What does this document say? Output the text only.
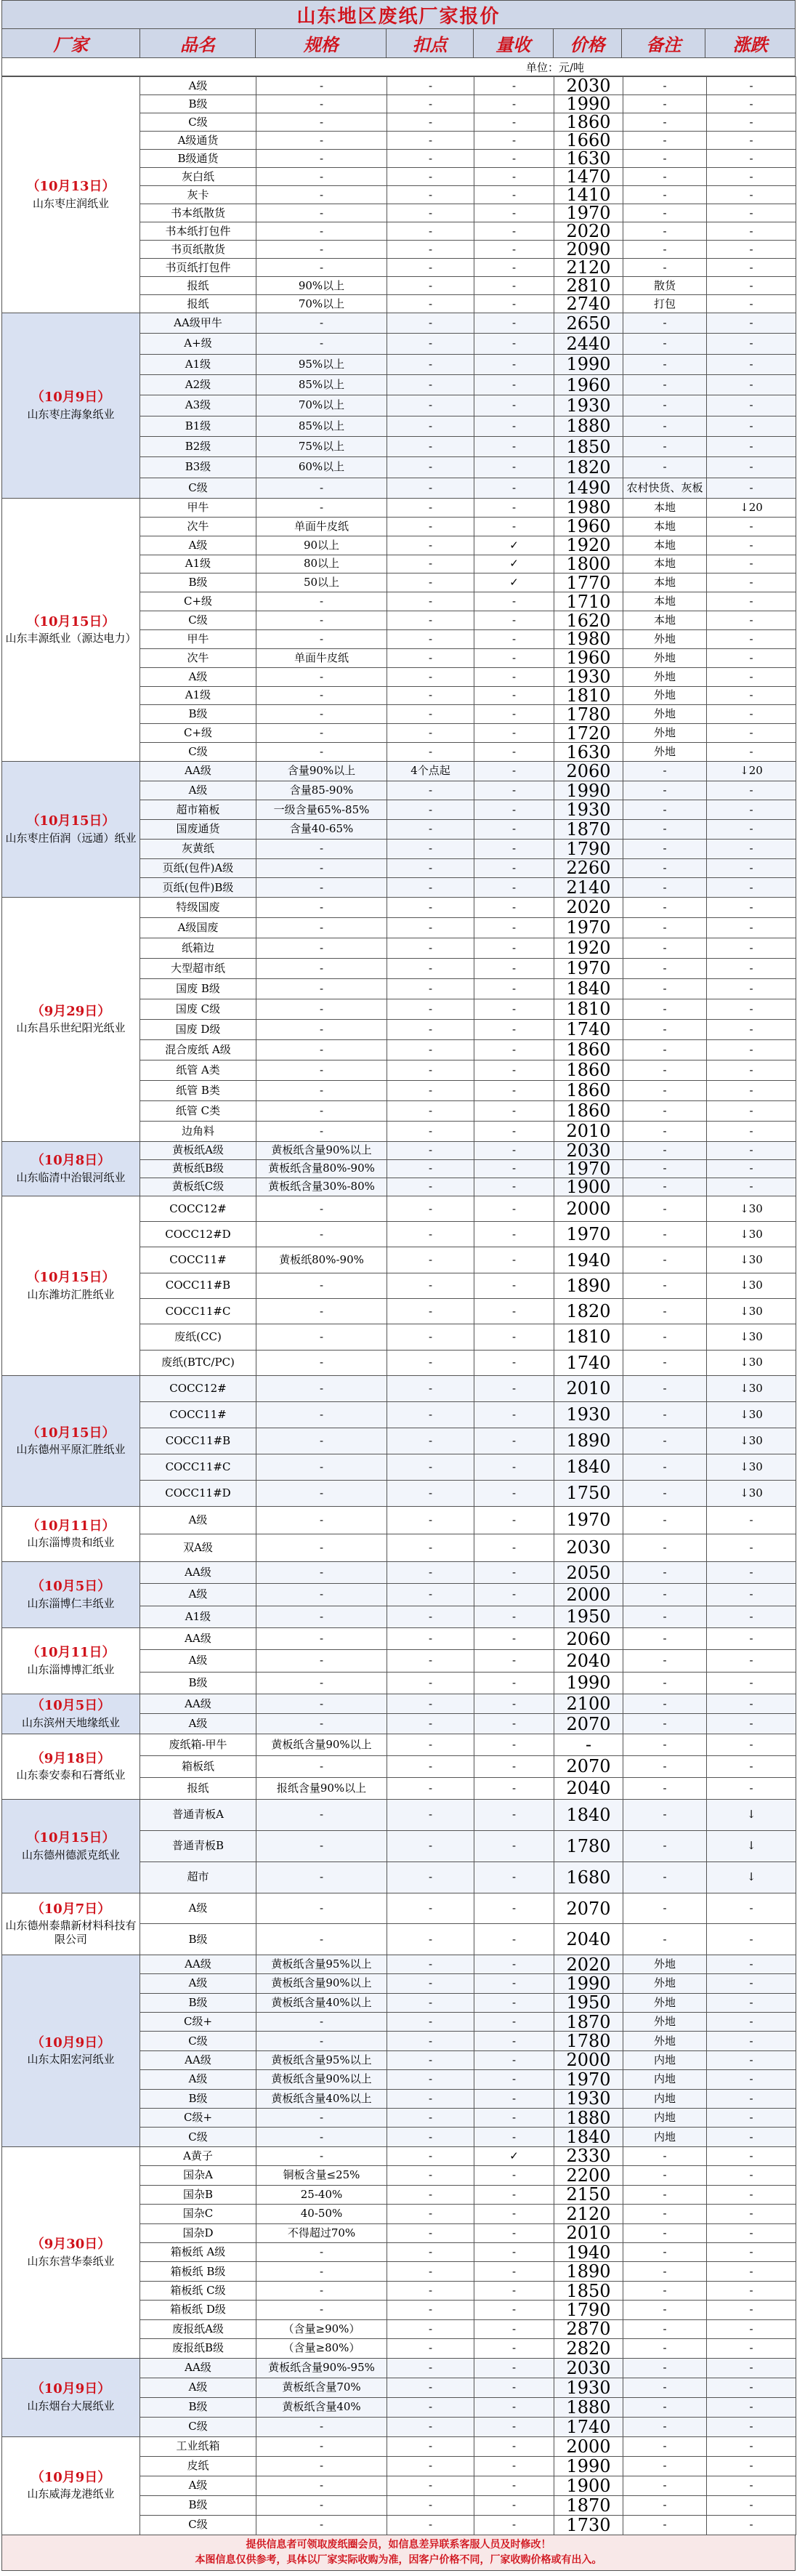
山东地区废纸厂家报价
厂家	品名	规格	扣点	量收	价格	备注	涨跌
单位：元/吨
（10月13日）
山东枣庄润纸业	A级	-	-	-	2030	-	-
	B级	-	-	-	1990	-	-
	C级	-	-	-	1860	-	-
	A级通货	-	-	-	1660	-	-
	B级通货	-	-	-	1630	-	-
	灰白纸	-	-	-	1470	-	-
	灰卡	-	-	-	1410	-	-
	书本纸散货	-	-	-	1970	-	-
	书本纸打包件	-	-	-	2020	-	-
	书页纸散货	-	-	-	2090	-	-
	书页纸打包件	-	-	-	2120	-	-
	报纸	90%以上	-	-	2810	散货	-
	报纸	70%以上	-	-	2740	打包	-

（10月9日）
山东枣庄海象纸业	AA级甲牛	-	-	-	2650	-	-
	A+级	-	-	-	2440	-	-
	A1级	95%以上	-	-	1990	-	-
	A2级	85%以上	-	-	1960	-	-
	A3级	70%以上	-	-	1930	-	-
	B1级	85%以上	-	-	1880	-	-
	B2级	75%以上	-	-	1850	-	-
	B3级	60%以上	-	-	1820	-	-
	C级	-	-	-	1490	农村快货、灰板	-

（10月15日）
山东丰源纸业（源达电力）	甲牛	-	-	-	1980	本地	↓20
	次牛	单面牛皮纸	-	-	1960	本地	-
	A级	90以上	-	✓	1920	本地	-
	A1级	80以上	-	✓	1800	本地	-
	B级	50以上	-	✓	1770	本地	-
	C+级	-	-	-	1710	本地	-
	C级	-	-	-	1620	本地	-
	甲牛	-	-	-	1980	外地	-
	次牛	单面牛皮纸	-	-	1960	外地	-
	A级	-	-	-	1930	外地	-
	A1级	-	-	-	1810	外地	-
	B级	-	-	-	1780	外地	-
	C+级	-	-	-	1720	外地	-
	C级	-	-	-	1630	外地	-

（10月15日）
山东枣庄佰润（远通）纸业	AA级	含量90%以上	4个点起	-	2060	-	↓20
	A级	含量85-90%	-	-	1990	-	-
	超市箱板	一级含量65%-85%	-	-	1930	-	-
	国废通货	含量40-65%	-	-	1870	-	-
	灰黄纸	-	-	-	1790	-	-
	页纸(包件)A级	-	-	-	2260	-	-
	页纸(包件)B级	-	-	-	2140	-	-

（9月29日）
山东昌乐世纪阳光纸业	特级国废	-	-	-	2020	-	-
	A级国废	-	-	-	1970	-	-
	纸箱边	-	-	-	1920	-	-
	大型超市纸	-	-	-	1970	-	-
	国废 B级	-	-	-	1840	-	-
	国废 C级	-	-	-	1810	-	-
	国废 D级	-	-	-	1740	-	-
	混合废纸 A级	-	-	-	1860	-	-
	纸管 A类	-	-	-	1860	-	-
	纸管 B类	-	-	-	1860	-	-
	纸管 C类	-	-	-	1860	-	-
	边角料	-	-	-	2010	-	-

（10月8日）
山东临清中治银河纸业	黄板纸A级	黄板纸含量90%以上	-	-	2030	-	-
	黄板纸B级	黄板纸含量80%-90%	-	-	1970	-	-
	黄板纸C级	黄板纸含量30%-80%	-	-	1900	-	-

（10月15日）
山东潍坊汇胜纸业	COCC12#	-	-	-	2000	-	↓30
	COCC12#D	-	-	-	1970	-	↓30
	COCC11#	黄板纸80%-90%	-	-	1940	-	↓30
	COCC11#B	-	-	-	1890	-	↓30
	COCC11#C	-	-	-	1820	-	↓30
	废纸(CC)	-	-	-	1810	-	↓30
	废纸(BTC/PC)	-	-	-	1740	-	↓30

（10月15日）
山东德州平原汇胜纸业	COCC12#	-	-	-	2010	-	↓30
	COCC11#	-	-	-	1930	-	↓30
	COCC11#B	-	-	-	1890	-	↓30
	COCC11#C	-	-	-	1840	-	↓30
	COCC11#D	-	-	-	1750	-	↓30

（10月11日）
山东淄博贵和纸业	A级	-	-	-	1970	-	-
	双A级	-	-	-	2030	-	-

（10月5日）
山东淄博仁丰纸业	AA级	-	-	-	2050	-	-
	A级	-	-	-	2000	-	-
	A1级	-	-	-	1950	-	-

（10月11日）
山东淄博博汇纸业	AA级	-	-	-	2060	-	-
	A级	-	-	-	2040	-	-
	B级	-	-	-	1990	-	-

（10月5日）
山东滨州天地缘纸业	AA级	-	-	-	2100	-	-
	A级	-	-	-	2070	-	-

（9月18日）
山东泰安泰和石膏纸业	废纸箱-甲牛	黄板纸含量90%以上	-	-	-	-	-
	箱板纸	-	-	-	2070	-	-
	报纸	报纸含量90%以上	-	-	2040	-	-

（10月15日）
山东德州德派克纸业	普通青板A	-	-	-	1840	-	↓
	普通青板B	-	-	-	1780	-	↓
	超市	-	-	-	1680	-	↓

（10月7日）
山东德州泰鼎新材料科技有限公司	A级	-	-	-	2070	-	-
	B级	-	-	-	2040	-	-

（10月9日）
山东太阳宏河纸业	AA级	黄板纸含量95%以上	-	-	2020	外地	-
	A级	黄板纸含量90%以上	-	-	1990	外地	-
	B级	黄板纸含量40%以上	-	-	1950	外地	-
	C级+	-	-	-	1870	外地	-
	C级	-	-	-	1780	外地	-
	AA级	黄板纸含量95%以上	-	-	2000	内地	-
	A级	黄板纸含量90%以上	-	-	1970	内地	-
	B级	黄板纸含量40%以上	-	-	1930	内地	-
	C级+	-	-	-	1880	内地	-
	C级	-	-	-	1840	内地	-

（9月30日）
山东东营华泰纸业	A黄子	-	-	✓	2330	-	-
	国杂A	铜板含量≤25%	-	-	2200	-	-
	国杂B	25-40%	-	-	2150	-	-
	国杂C	40-50%	-	-	2120	-	-
	国杂D	不得超过70%	-	-	2010	-	-
	箱板纸 A级	-	-	-	1940	-	-
	箱板纸 B级	-	-	-	1890	-	-
	箱板纸 C级	-	-	-	1850	-	-
	箱板纸 D级	-	-	-	1790	-	-
	废报纸A级	（含量≥90%）	-	-	2870	-	-
	废报纸B级	（含量≥80%）	-	-	2820	-	-

（10月9日）
山东烟台大展纸业	AA级	黄板纸含量90%-95%	-	-	2030	-	-
	A级	黄板纸含量70%	-	-	1930	-	-
	B级	黄板纸含量40%	-	-	1880	-	-
	C级	-	-	-	1740	-	-

（10月9日）
山东威海龙港纸业	工业纸箱	-	-	-	2000	-	-
	皮纸	-	-	-	1990	-	-
	A级	-	-	-	1900	-	-
	B级	-	-	-	1870	-	-
	C级	-	-	-	1730	-	-
提供信息者可领取废纸圈会员，如信息差异联系客服人员及时修改！
本图信息仅供参考，具体以厂家实际收购为准，因客户价格不同，厂家收购价格或有出入。
